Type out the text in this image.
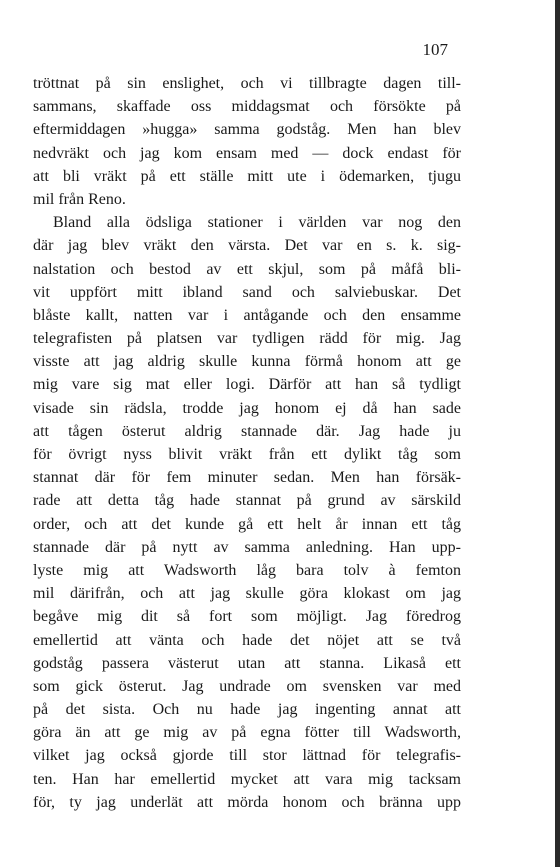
107
tröttnat på sin enslighet, och vi tillbragte dagen till-
sammans, skaffade oss middagsmat och försökte på
eftermiddagen »hugga» samma godståg. Men han blev
nedvräkt och jag kom ensam med — dock endast för
att bli vräkt på ett ställe mitt ute i ödemarken, tjugu
mil från Reno.
Bland alla ödsliga stationer i världen var nog den
där jag blev vräkt den värsta. Det var en s. k. sig-
nalstation och bestod av ett skjul, som på måfå bli-
vit uppfört mitt ibland sand och salviebuskar. Det
blåste kallt, natten var i antågande och den ensamme
telegrafisten på platsen var tydligen rädd för mig. Jag
visste att jag aldrig skulle kunna förmå honom att ge
mig vare sig mat eller logi. Därför att han så tydligt
visade sin rädsla, trodde jag honom ej då han sade
att tågen österut aldrig stannade där. Jag hade ju
för övrigt nyss blivit vräkt från ett dylikt tåg som
stannat där för fem minuter sedan. Men han försäk-
rade att detta tåg hade stannat på grund av särskild
order, och att det kunde gå ett helt år innan ett tåg
stannade där på nytt av samma anledning. Han upp-
lyste mig att Wadsworth låg bara tolv à femton
mil därifrån, och att jag skulle göra klokast om jag
begåve mig dit så fort som möjligt. Jag föredrog
emellertid att vänta och hade det nöjet att se två
godståg passera västerut utan att stanna. Likaså ett
som gick österut. Jag undrade om svensken var med
på det sista. Och nu hade jag ingenting annat att
göra än att ge mig av på egna fötter till Wadsworth,
vilket jag också gjorde till stor lättnad för telegrafis-
ten. Han har emellertid mycket att vara mig tacksam
för, ty jag underlät att mörda honom och bränna upp
